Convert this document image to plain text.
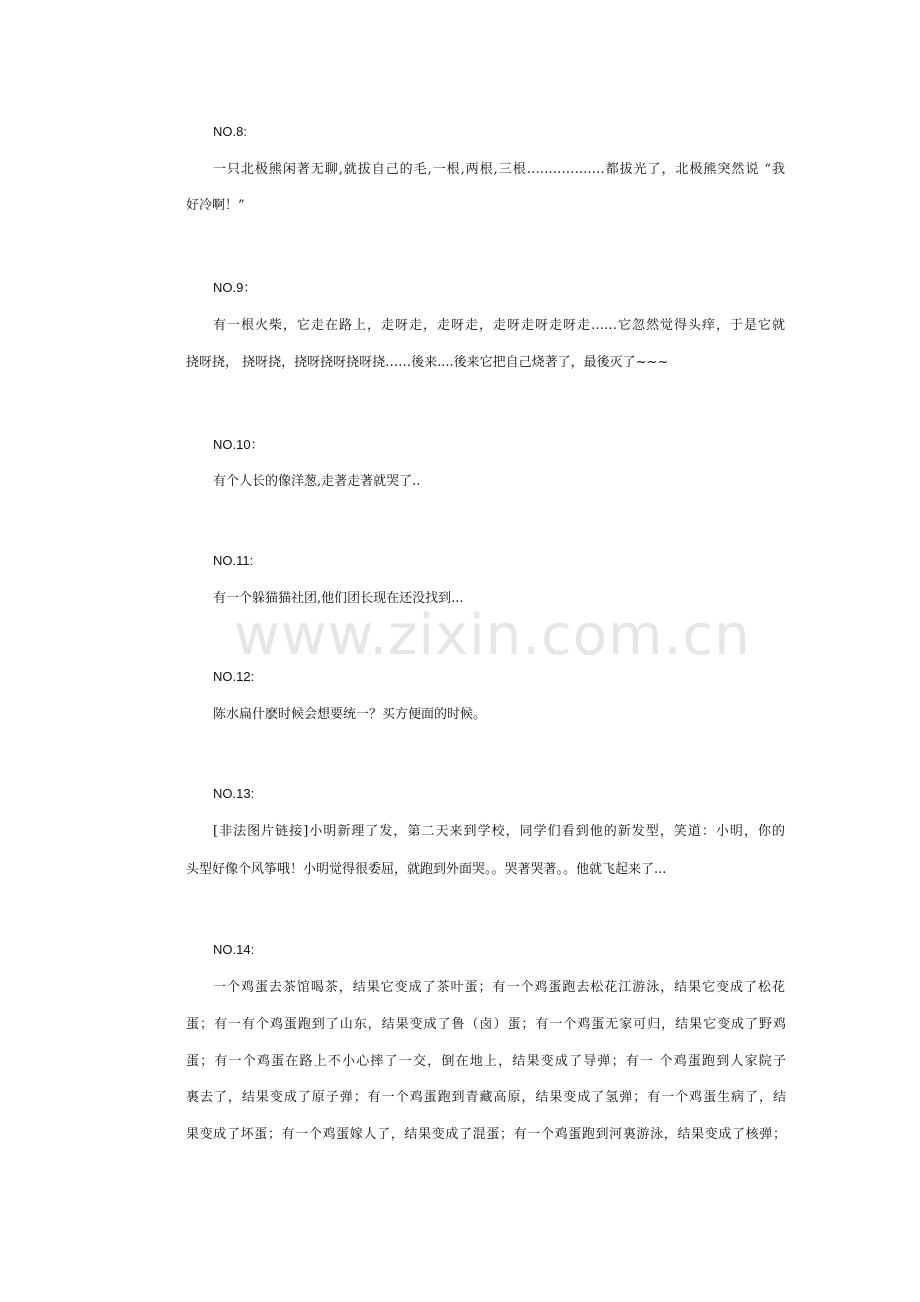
www.zixin.com.cn
NO.8:
一只北极熊闲著无聊,就拔自己的毛,一根,两根,三根………………都拔光了，北极熊突然说 “我
好冷啊！”
NO.9：
有一根火柴，它走在路上，走呀走，走呀走，走呀走呀走呀走……它忽然觉得头痒，于是它就
挠呀挠， 挠呀挠，挠呀挠呀挠呀挠……後来....後来它把自己烧著了，最後灭了~~~
NO.10：
有个人长的像洋葱,走著走著就哭了..
NO.11:
有一个躲猫猫社团,他们团长现在还没找到...
NO.12:
陈水扁什麽时候会想要统一？买方便面的时候。
NO.13:
[非法图片链接]小明新理了发，第二天来到学校，同学们看到他的新发型，笑道：小明，你的
头型好像个风筝哦！小明觉得很委屈，就跑到外面哭。。哭著哭著。。他就飞起来了...
NO.14:
一个鸡蛋去茶馆喝茶，结果它变成了茶叶蛋；有一个鸡蛋跑去松花江游泳，结果它变成了松花
蛋；有一有个鸡蛋跑到了山东，结果变成了鲁（卤）蛋；有一个鸡蛋无家可归，结果它变成了野鸡
蛋；有一个鸡蛋在路上不小心摔了一交，倒在地上，结果变成了导弹；有一 个鸡蛋跑到人家院子
裏去了，结果变成了原子弹；有一个鸡蛋跑到青藏高原，结果变成了氢弹；有一个鸡蛋生病了，结
果变成了坏蛋；有一个鸡蛋嫁人了，结果变成了混蛋；有一个鸡蛋跑到河裏游泳，结果变成了核弹；
